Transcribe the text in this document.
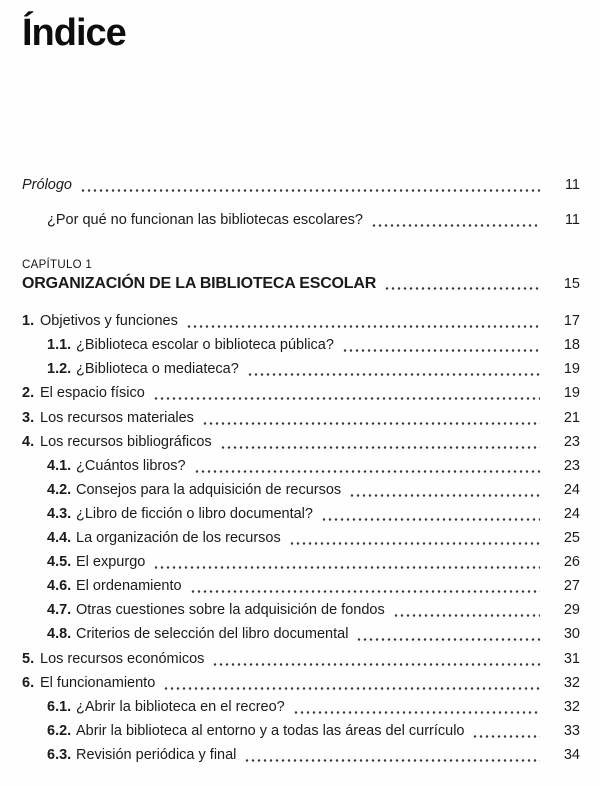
Índice
Prólogo	11
¿Por qué no funcionan las bibliotecas escolares?	11
CAPÍTULO 1
ORGANIZACIÓN DE LA BIBLIOTECA ESCOLAR	15
1. Objetivos y funciones	17
1.1. ¿Biblioteca escolar o biblioteca pública?	18
1.2. ¿Biblioteca o mediateca?	19
2. El espacio físico	19
3. Los recursos materiales	21
4. Los recursos bibliográficos	23
4.1. ¿Cuántos libros?	23
4.2. Consejos para la adquisición de recursos	24
4.3. ¿Libro de ficción o libro documental?	24
4.4. La organización de los recursos	25
4.5. El expurgo	26
4.6. El ordenamiento	27
4.7. Otras cuestiones sobre la adquisición de fondos	29
4.8. Criterios de selección del libro documental	30
5. Los recursos económicos	31
6. El funcionamiento	32
6.1. ¿Abrir la biblioteca en el recreo?	32
6.2. Abrir la biblioteca al entorno y a todas las áreas del currículo	33
6.3. Revisión periódica y final	34
